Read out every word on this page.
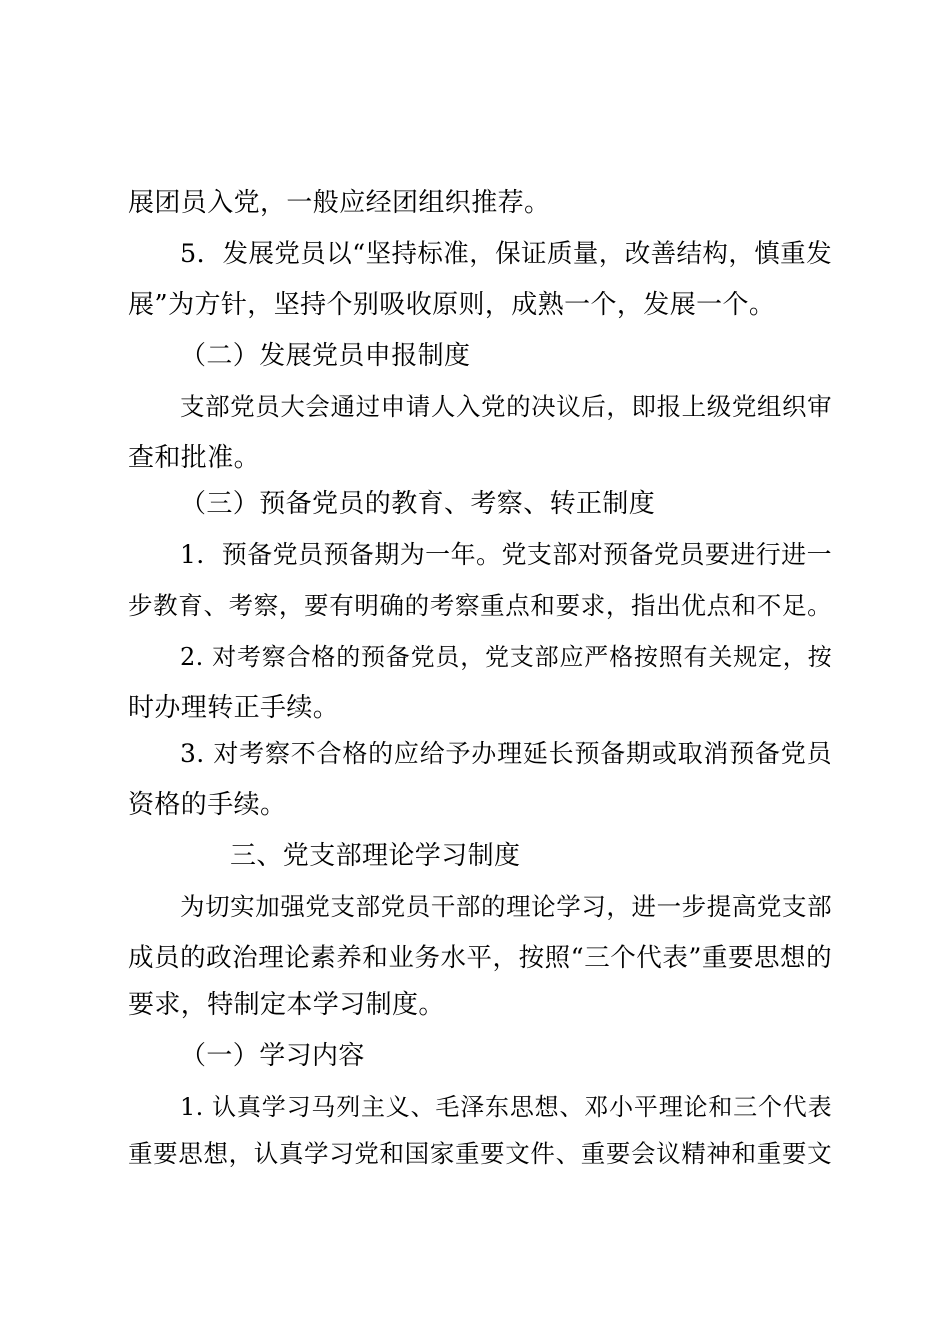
展团员入党，一般应经团组织推荐。
5．发展党员以“坚持标准，保证质量，改善结构，慎重发
展”为方针，坚持个别吸收原则，成熟一个，发展一个。
（二）发展党员申报制度
支部党员大会通过申请人入党的决议后，即报上级党组织审
查和批准。
（三）预备党员的教育、考察、转正制度
1．预备党员预备期为一年。党支部对预备党员要进行进一
步教育、考察，要有明确的考察重点和要求，指出优点和不足。
2. 对考察合格的预备党员，党支部应严格按照有关规定，按
时办理转正手续。
3. 对考察不合格的应给予办理延长预备期或取消预备党员
资格的手续。
三、党支部理论学习制度
为切实加强党支部党员干部的理论学习，进一步提高党支部
成员的政治理论素养和业务水平，按照“三个代表”重要思想的
要求，特制定本学习制度。
（一）学习内容
1. 认真学习马列主义、毛泽东思想、邓小平理论和三个代表
重要思想，认真学习党和国家重要文件、重要会议精神和重要文
